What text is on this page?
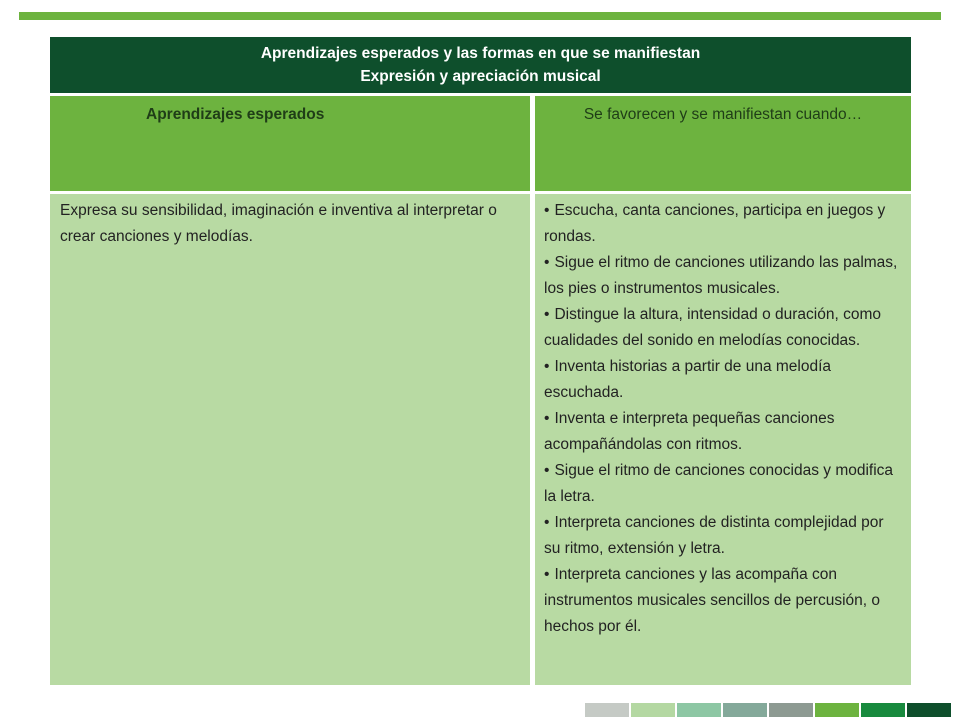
Aprendizajes esperados y las formas en que se manifiestan
Expresión y apreciación musical
Aprendizajes esperados	Se favorecen y se manifiestan cuando…
Expresa su sensibilidad, imaginación e inventiva al interpretar o crear canciones y melodías.
• Escucha, canta canciones, participa en juegos y rondas.
• Sigue el ritmo de canciones utilizando las palmas, los pies o instrumentos musicales.
• Distingue la altura, intensidad o duración, como cualidades del sonido en melodías conocidas.
• Inventa historias a partir de una melodía escuchada.
• Inventa e interpreta pequeñas canciones acompañándolas con ritmos.
• Sigue el ritmo de canciones conocidas y modifica la letra.
• Interpreta canciones de distinta complejidad por su ritmo, extensión y letra.
• Interpreta canciones y las acompaña con instrumentos musicales sencillos de percusión, o hechos por él.
